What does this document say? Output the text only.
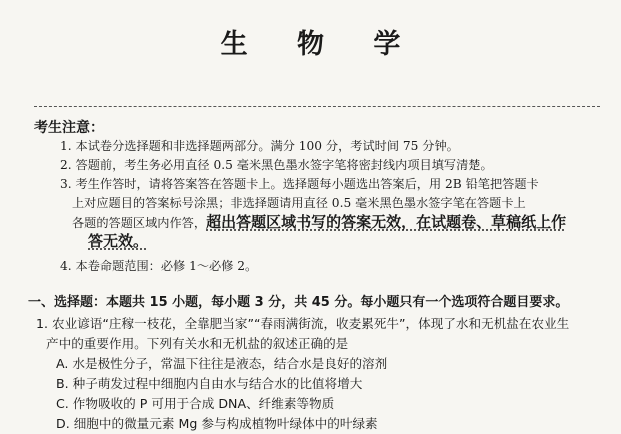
生 物 学
考生注意：
1. 本试卷分选择题和非选择题两部分。满分 100 分，考试时间 75 分钟。
2. 答题前，考生务必用直径 0.5 毫米黑色墨水签字笔将密封线内项目填写清楚。
3. 考生作答时，请将答案答在答题卡上。选择题每小题选出答案后，用 2B 铅笔把答题卡
上对应题目的答案标号涂黑；非选择题请用直径 0.5 毫米黑色墨水签字笔在答题卡上
各题的答题区域内作答，超出答题区域书写的答案无效，在试题卷、草稿纸上作
答无效。
4. 本卷命题范围：必修 1～必修 2。
一、选择题：本题共 15 小题，每小题 3 分，共 45 分。每小题只有一个选项符合题目要求。
1. 农业谚语“庄稼一枝花，全靠肥当家”“春雨满街流，收麦累死牛”，体现了水和无机盐在农业生
产中的重要作用。下列有关水和无机盐的叙述正确的是
A. 水是极性分子，常温下往往是液态，结合水是良好的溶剂
B. 种子萌发过程中细胞内自由水与结合水的比值将增大
C. 作物吸收的 P 可用于合成 DNA、纤维素等物质
D. 细胞中的微量元素 Mg 参与构成植物叶绿体中的叶绿素
